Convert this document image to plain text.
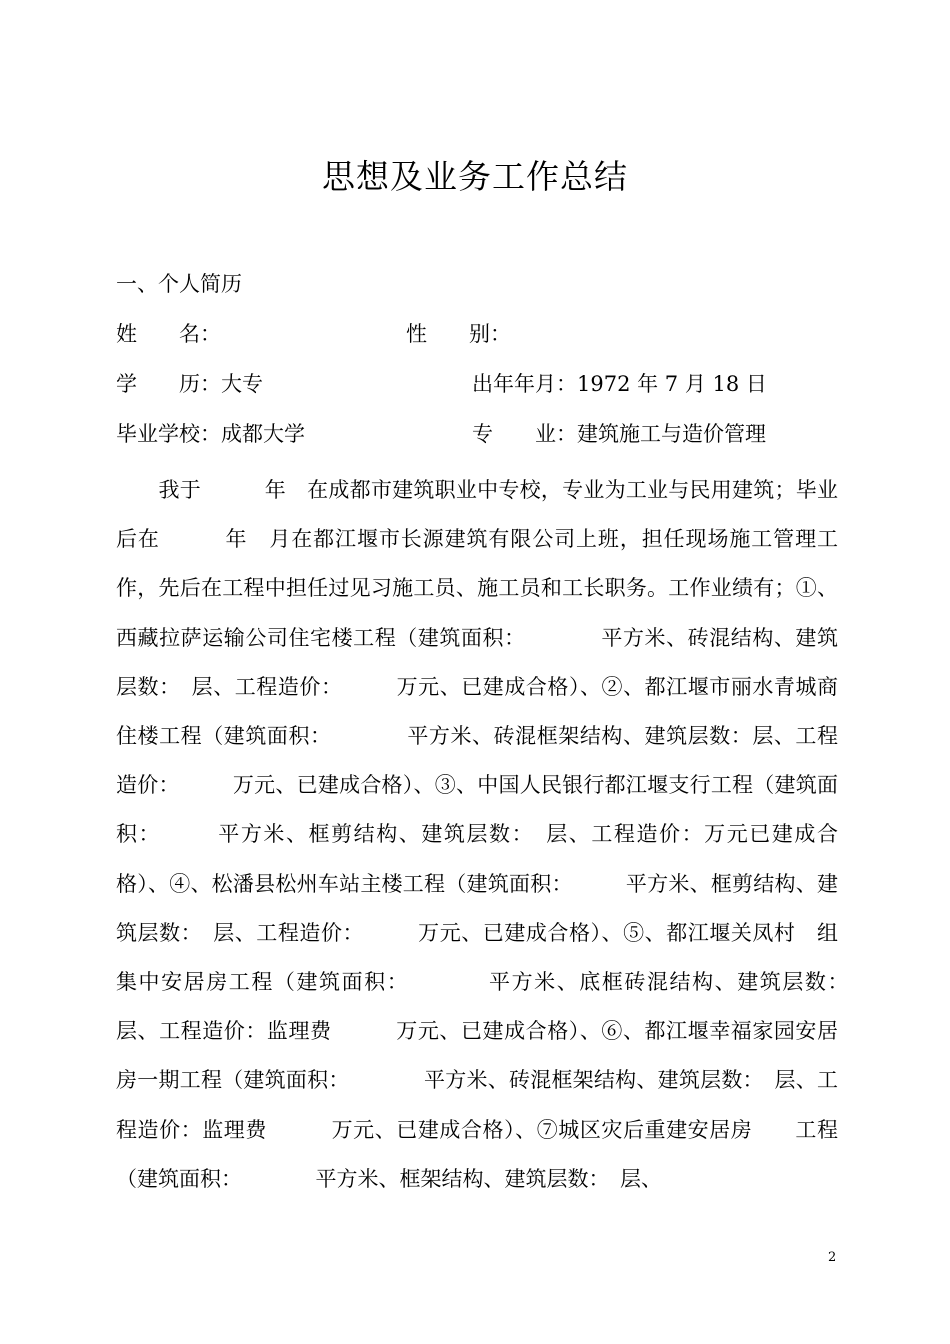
思想及业务工作总结
一、个人简历
姓　　名：	性　　别：
学　　历：大专	出年年月：1972 年 7 月 18 日
毕业学校：成都大学	专　　业：建筑施工与造价管理
　　我于　　　年　在成都市建筑职业中专校，专业为工业与民用建筑；毕业后在　　　年　月在都江堰市长源建筑有限公司上班，担任现场施工管理工作，先后在工程中担任过见习施工员、施工员和工长职务。工作业绩有；①、西藏拉萨运输公司住宅楼工程（建筑面积：　　　　平方米、砖混结构、建筑层数：　层、工程造价：　　　万元、已建成合格）、②、都江堰市丽水青城商住楼工程（建筑面积：　　　　平方米、砖混框架结构、建筑层数：层、工程造价：　　　万元、已建成合格）、③、中国人民银行都江堰支行工程（建筑面积：　　　平方米、框剪结构、建筑层数：　层、工程造价：万元已建成合格）、④、松潘县松州车站主楼工程（建筑面积：　　　平方米、框剪结构、建筑层数：　层、工程造价：　　　万元、已建成合格）、⑤、都江堰关凤村　组集中安居房工程（建筑面积：　　　　平方米、底框砖混结构、建筑层数：　层、工程造价：监理费　　　万元、已建成合格）、⑥、都江堰幸福家园安居房一期工程（建筑面积：　　　　平方米、砖混框架结构、建筑层数：　层、工程造价：监理费　　　万元、已建成合格）、⑦城区灾后重建安居房　　工程（建筑面积：　　　　平方米、框架结构、建筑层数：　层、
2
